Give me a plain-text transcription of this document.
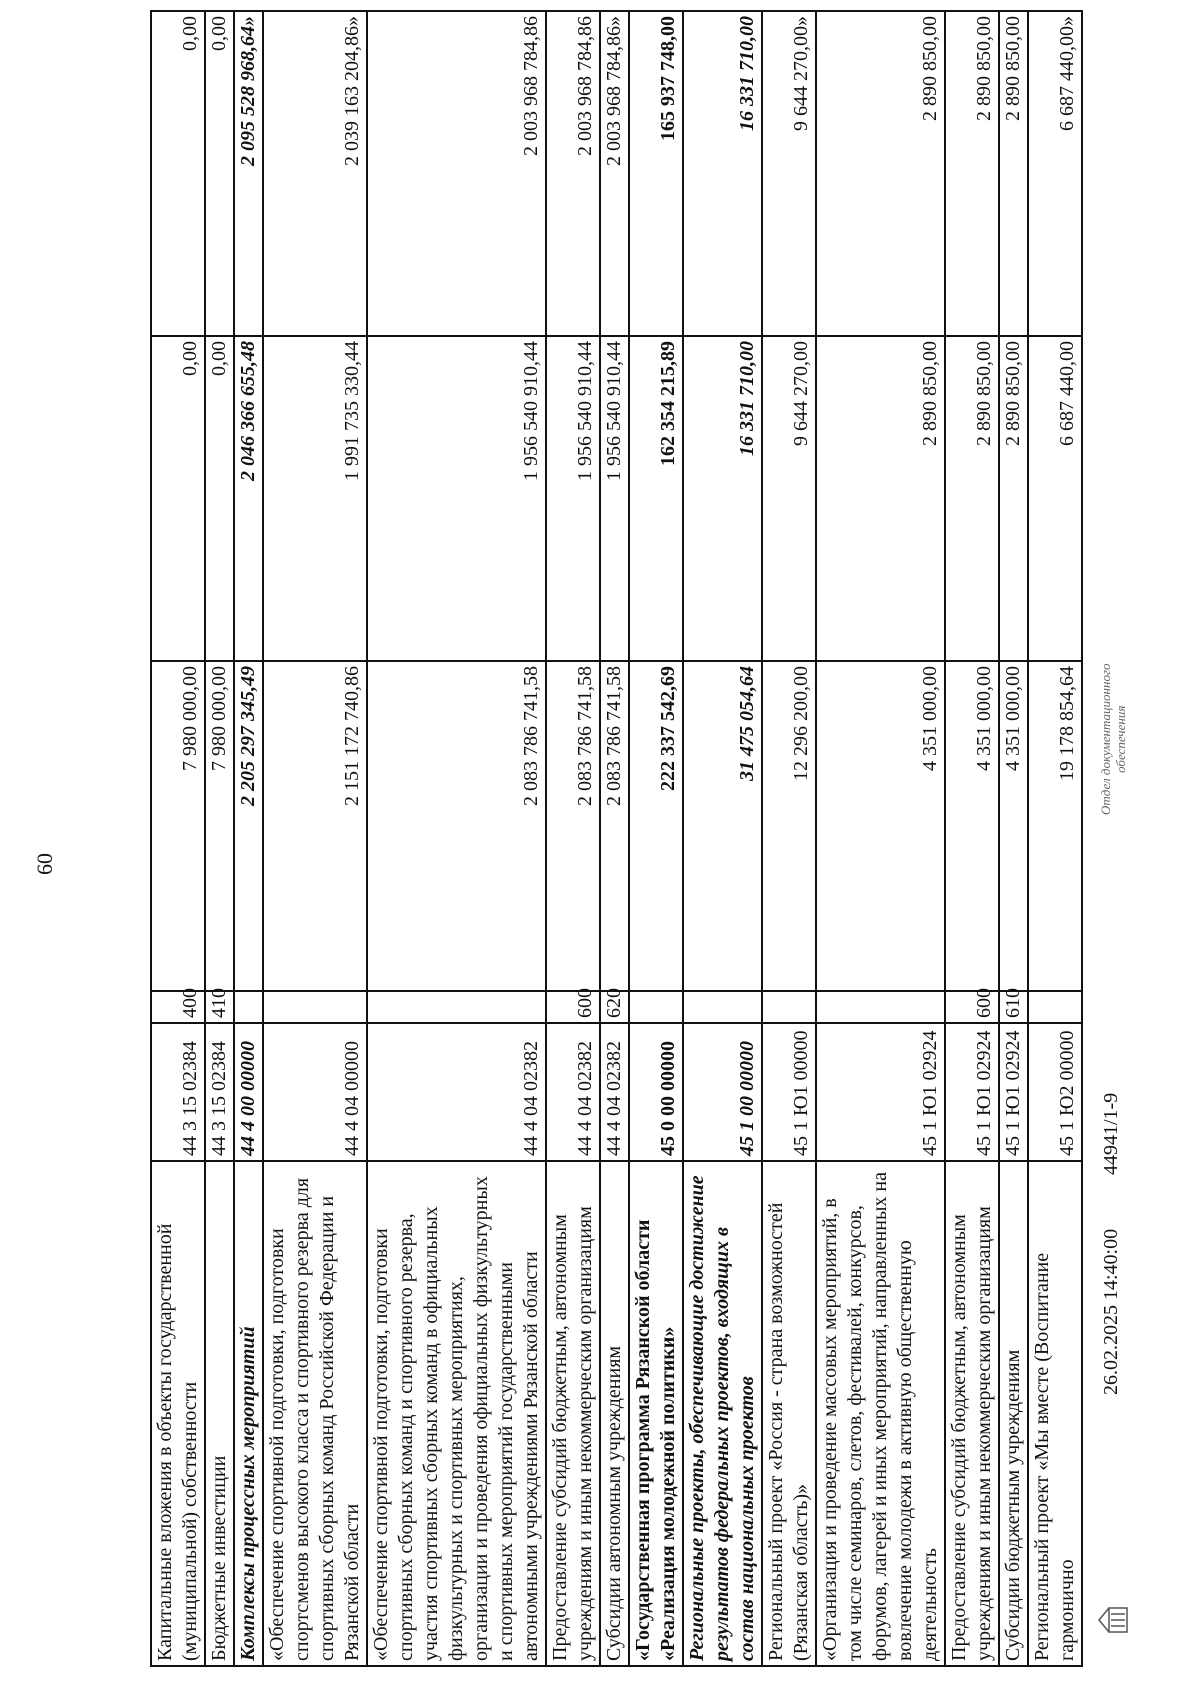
60
Капитальные вложения в объекты государственной (муниципальной) собственности	44 3 15 02384	400	7 980 000,00	0,00	0,00
Бюджетные инвестиции	44 3 15 02384	410	7 980 000,00	0,00	0,00
Комплексы процессных мероприятий	44 4 00 00000		2 205 297 345,49	2 046 366 655,48	2 095 528 968,64»
«Обеспечение спортивной подготовки, подготовки спортсменов высокого класса и спортивного резерва для спортивных сборных команд Российской Федерации и Рязанской области	44 4 04 00000		2 151 172 740,86	1 991 735 330,44	2 039 163 204,86»
«Обеспечение спортивной подготовки, подготовки спортивных сборных команд и спортивного резерва, участия спортивных сборных команд в официальных физкультурных и спортивных мероприятиях, организации и проведения официальных физкультурных и спортивных мероприятий государственными автономными учреждениями Рязанской области	44 4 04 02382		2 083 786 741,58	1 956 540 910,44	2 003 968 784,86
Предоставление субсидий бюджетным, автономным учреждениям и иным некоммерческим организациям	44 4 04 02382	600	2 083 786 741,58	1 956 540 910,44	2 003 968 784,86
Субсидии автономным учреждениям	44 4 04 02382	620	2 083 786 741,58	1 956 540 910,44	2 003 968 784,86»
«Государственная программа Рязанской области «Реализация молодежной политики»	45 0 00 00000		222 337 542,69	162 354 215,89	165 937 748,00
Региональные проекты, обеспечивающие достижение результатов федеральных проектов, входящих в состав национальных проектов	45 1 00 00000		31 475 054,64	16 331 710,00	16 331 710,00
Региональный проект «Россия - страна возможностей (Рязанская область)»	45 1 Ю1 00000		12 296 200,00	9 644 270,00	9 644 270,00»
«Организация и проведение массовых мероприятий, в том числе семинаров, слетов, фестивалей, конкурсов, форумов, лагерей и иных мероприятий, направленных на вовлечение молодежи в активную общественную деятельность	45 1 Ю1 02924		4 351 000,00	2 890 850,00	2 890 850,00
Предоставление субсидий бюджетным, автономным учреждениям и иным некоммерческим организациям	45 1 Ю1 02924	600	4 351 000,00	2 890 850,00	2 890 850,00
Субсидии бюджетным учреждениям	45 1 Ю1 02924	610	4 351 000,00	2 890 850,00	2 890 850,00
Региональный проект «Мы вместе (Воспитание гармонично	45 1 Ю2 00000		19 178 854,64	6 687 440,00	6 687 440,00»
26.02.2025 14:40:00
44941/1-9
Отдел документационного обеспечения
